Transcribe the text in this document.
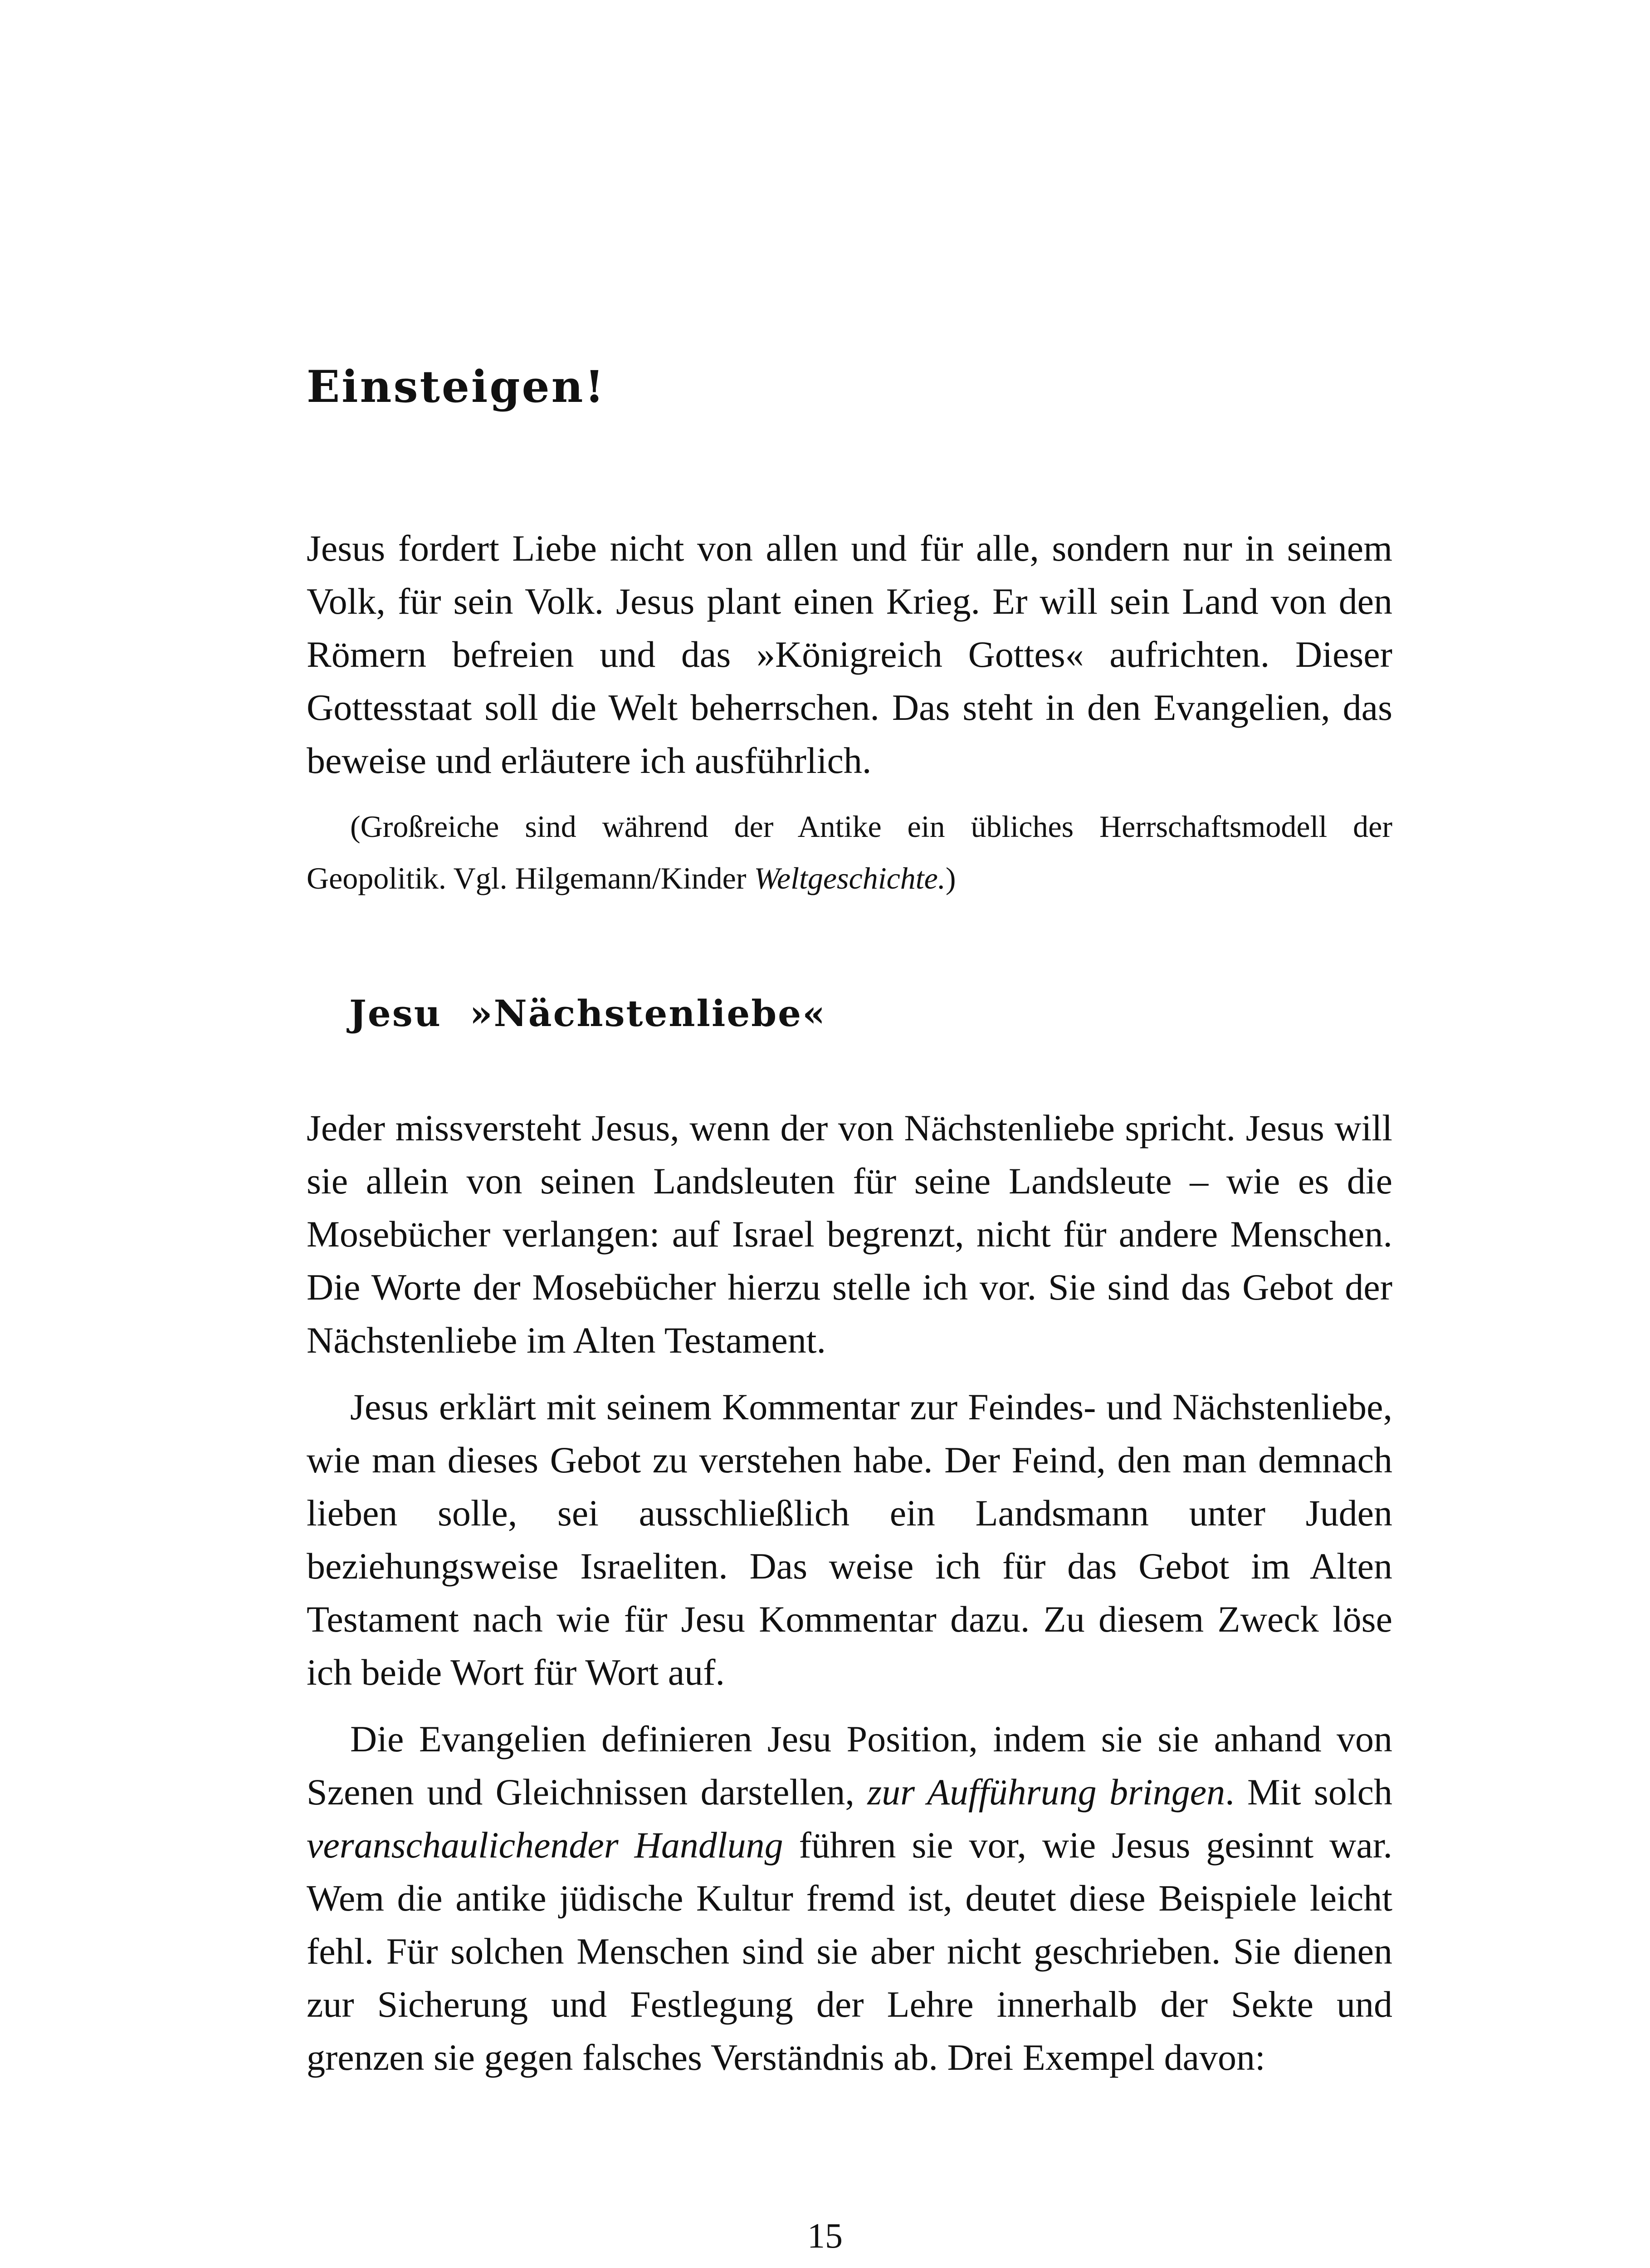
Einsteigen!

Jesus fordert Liebe nicht von allen und für alle, sondern nur in seinem Volk, für sein Volk. Jesus plant einen Krieg. Er will sein Land von den Römern befreien und das »Königreich Gottes« aufrichten. Dieser Gottesstaat soll die Welt beherrschen. Das steht in den Evangelien, das beweise und erläutere ich ausführlich.

(Großreiche sind während der Antike ein übliches Herrschaftsmodell der Geopolitik. Vgl. Hilgemann/Kinder Weltgeschichte.)

Jesu  »Nächstenliebe«

Jeder missversteht Jesus, wenn der von Nächstenliebe spricht. Jesus will sie allein von seinen Landsleuten für seine Landsleute – wie es die Mosebücher verlangen: auf Israel begrenzt, nicht für andere Menschen. Die Worte der Mosebücher hierzu stelle ich vor. Sie sind das Gebot der Nächstenliebe im Alten Testament.

Jesus erklärt mit seinem Kommentar zur Feindes- und Nächstenliebe, wie man dieses Gebot zu verstehen habe. Der Feind, den man demnach lieben solle, sei ausschließlich ein Landsmann unter Juden beziehungsweise Israeliten. Das weise ich für das Gebot im Alten Testament nach wie für Jesu Kommentar dazu. Zu diesem Zweck löse ich beide Wort für Wort auf.

Die Evangelien definieren Jesu Position, indem sie sie anhand von Szenen und Gleichnissen darstellen, zur Aufführung bringen. Mit solch veranschaulichender Handlung führen sie vor, wie Jesus gesinnt war. Wem die antike jüdische Kultur fremd ist, deutet diese Beispiele leicht fehl. Für solchen Menschen sind sie aber nicht geschrieben. Sie dienen zur Sicherung und Festlegung der Lehre innerhalb der Sekte und grenzen sie gegen falsches Verständnis ab. Drei Exempel davon:

15
